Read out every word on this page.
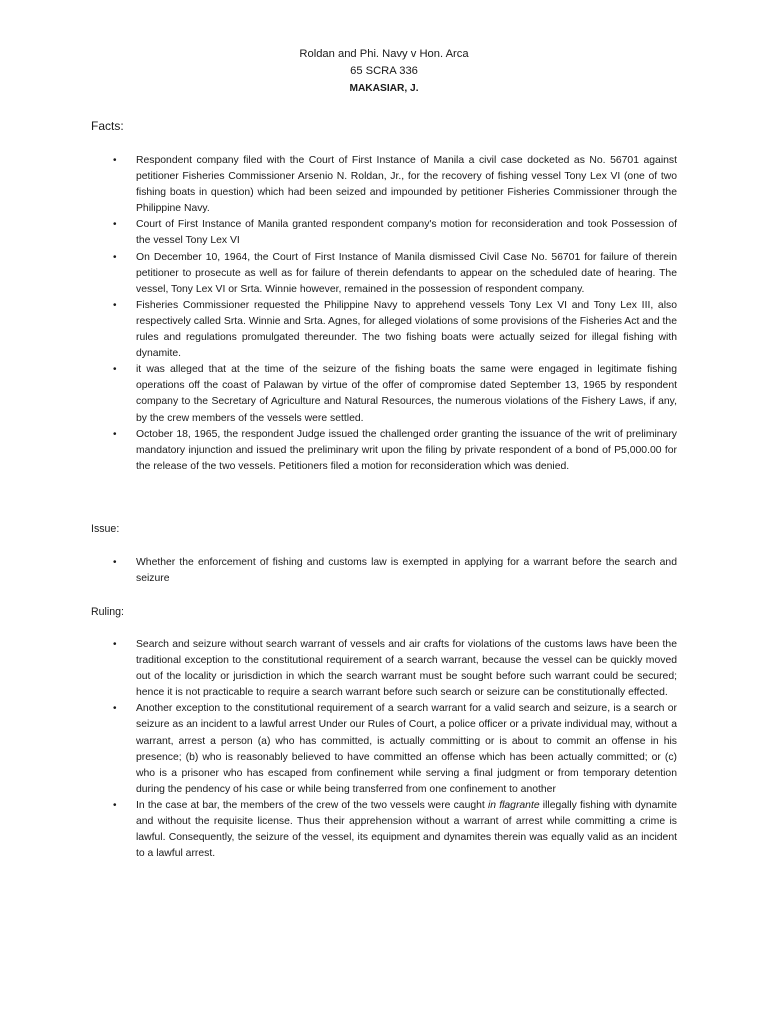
Roldan and Phi. Navy v Hon. Arca
65 SCRA 336
MAKASIAR, J.
Facts:
• Respondent company filed with the Court of First Instance of Manila a civil case docketed as No. 56701 against petitioner Fisheries Commissioner Arsenio N. Roldan, Jr., for the recovery of fishing vessel Tony Lex VI (one of two fishing boats in question) which had been seized and impounded by petitioner Fisheries Commissioner through the Philippine Navy.
• Court of First Instance of Manila granted respondent company's motion for reconsideration and took Possession of the vessel Tony Lex VI
• On December 10, 1964, the Court of First Instance of Manila dismissed Civil Case No. 56701 for failure of therein petitioner to prosecute as well as for failure of therein defendants to appear on the scheduled date of hearing. The vessel, Tony Lex VI or Srta. Winnie however, remained in the possession of respondent company.
• Fisheries Commissioner requested the Philippine Navy to apprehend vessels Tony Lex VI and Tony Lex III, also respectively called Srta. Winnie and Srta. Agnes, for alleged violations of some provisions of the Fisheries Act and the rules and regulations promulgated thereunder. The two fishing boats were actually seized for illegal fishing with dynamite.
• it was alleged that at the time of the seizure of the fishing boats the same were engaged in legitimate fishing operations off the coast of Palawan by virtue of the offer of compromise dated September 13, 1965 by respondent company to the Secretary of Agriculture and Natural Resources, the numerous violations of the Fishery Laws, if any, by the crew members of the vessels were settled.
• October 18, 1965, the respondent Judge issued the challenged order granting the issuance of the writ of preliminary mandatory injunction and issued the preliminary writ upon the filing by private respondent of a bond of P5,000.00 for the release of the two vessels. Petitioners filed a motion for reconsideration which was denied.
Issue:
• Whether the enforcement of fishing and customs law is exempted in applying for a warrant before the search and seizure
Ruling:
• Search and seizure without search warrant of vessels and air crafts for violations of the customs laws have been the traditional exception to the constitutional requirement of a search warrant, because the vessel can be quickly moved out of the locality or jurisdiction in which the search warrant must be sought before such warrant could be secured; hence it is not practicable to require a search warrant before such search or seizure can be constitutionally effected.
• Another exception to the constitutional requirement of a search warrant for a valid search and seizure, is a search or seizure as an incident to a lawful arrest Under our Rules of Court, a police officer or a private individual may, without a warrant, arrest a person (a) who has committed, is actually committing or is about to commit an offense in his presence; (b) who is reasonably believed to have committed an offense which has been actually committed; or (c) who is a prisoner who has escaped from confinement while serving a final judgment or from temporary detention during the pendency of his case or while being transferred from one confinement to another
• In the case at bar, the members of the crew of the two vessels were caught in flagrante illegally fishing with dynamite and without the requisite license. Thus their apprehension without a warrant of arrest while committing a crime is lawful. Consequently, the seizure of the vessel, its equipment and dynamites therein was equally valid as an incident to a lawful arrest.
